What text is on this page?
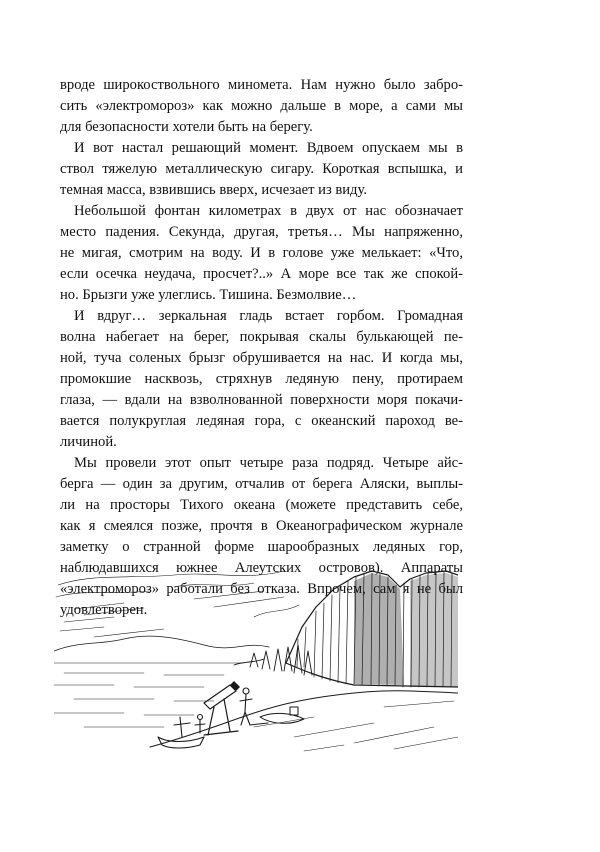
вроде широкоствольного миномета. Нам нужно было забро-
сить «электромороз» как можно дальше в море, а сами мы
для безопасности хотели быть на берегу.

И вот настал решающий момент. Вдвоем опускаем мы в
ствол тяжелую металлическую сигару. Короткая вспышка, и
темная масса, взвившись вверх, исчезает из виду.

Небольшой фонтан километрах в двух от нас обозначает
место падения. Секунда, другая, третья… Мы напряженно,
не мигая, смотрим на воду. И в голове уже мелькает: «Что,
если осечка неудача, просчет?..» А море все так же спокой-
но. Брызги уже улеглись. Тишина. Безмолвие…

И вдруг… зеркальная гладь встает горбом. Громадная
волна набегает на берег, покрывая скалы булькающей пе-
ной, туча соленых брызг обрушивается на нас. И когда мы,
промокшие насквозь, стряхнув ледяную пену, протираем
глаза, — вдали на взволнованной поверхности моря покачи-
вается полукруглая ледяная гора, с океанский пароход ве-
личиной.

Мы провели этот опыт четыре раза подряд. Четыре айс-
берга — один за другим, отчалив от берега Аляски, выплы-
ли на просторы Тихого океана (можете представить себе,
как я смеялся позже, прочтя в Океанографическом журнале
заметку о странной форме шарообразных ледяных гор,
наблюдавшихся южнее Алеутских островов). Аппараты
«электромороз» работали без отказа. Впрочем, сам я не был
удовлетворен.
